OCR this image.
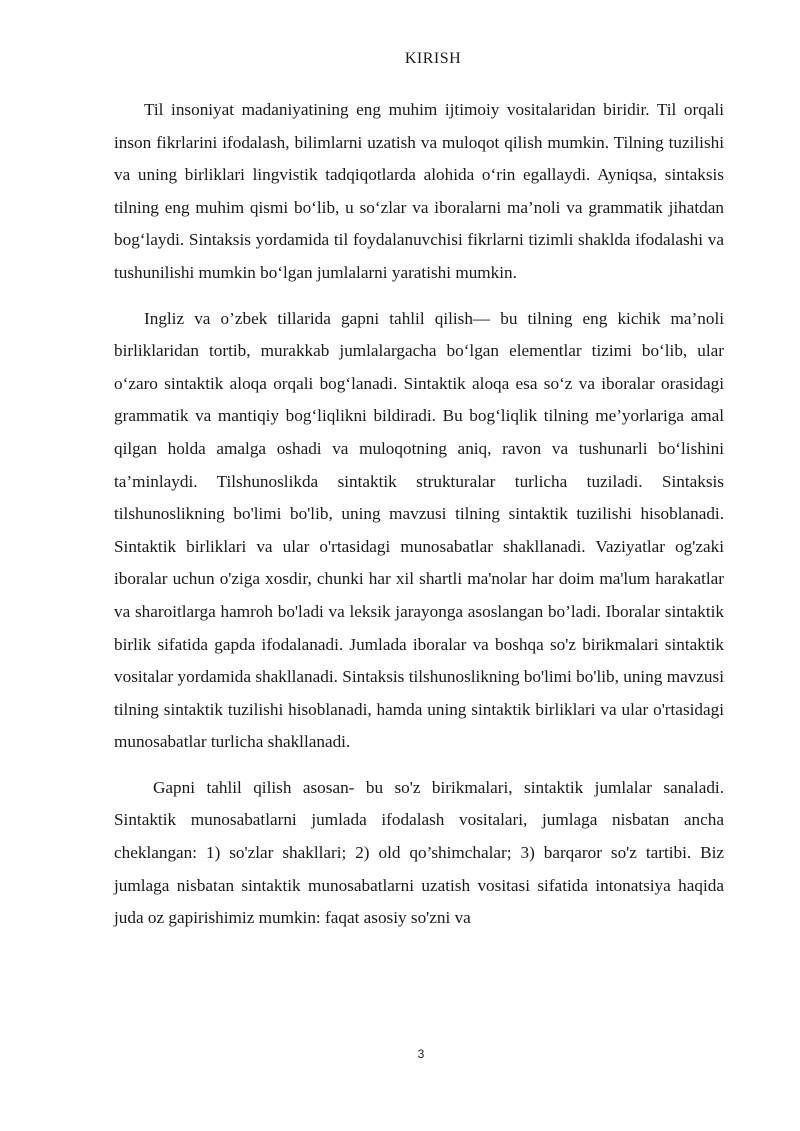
KIRISH

Til insoniyat madaniyatining eng muhim ijtimoiy vositalaridan biridir. Til orqali inson fikrlarini ifodalash, bilimlarni uzatish va muloqot qilish mumkin. Tilning tuzilishi va uning birliklari lingvistik tadqiqotlarda alohida o‘rin egallaydi. Ayniqsa, sintaksis tilning eng muhim qismi bo‘lib, u so‘zlar va iboralarni ma’noli va grammatik jihatdan bog‘laydi. Sintaksis yordamida til foydalanuvchisi fikrlarni tizimli shaklda ifodalashi va tushunilishi mumkin bo‘lgan jumlalarni yaratishi mumkin.

Ingliz va o’zbek tillarida gapni tahlil qilish— bu tilning eng kichik ma’noli birliklaridan tortib, murakkab jumlalargacha bo‘lgan elementlar tizimi bo‘lib, ular o‘zaro sintaktik aloqa orqali bog‘lanadi. Sintaktik aloqa esa so‘z va iboralar orasidagi grammatik va mantiqiy bog‘liqlikni bildiradi. Bu bog‘liqlik tilning me’yorlariga amal qilgan holda amalga oshadi va muloqotning aniq, ravon va tushunarli bo‘lishini ta’minlaydi. Tilshunoslikda sintaktik strukturalar turlicha tuziladi. Sintaksis tilshunoslikning bo'limi bo'lib, uning mavzusi tilning sintaktik tuzilishi hisoblanadi. Sintaktik birliklari va ular o'rtasidagi munosabatlar shakllanadi. Vaziyatlar og'zaki iboralar uchun o'ziga xosdir, chunki har xil shartli ma'nolar har doim ma'lum harakatlar va sharoitlarga hamroh bo'ladi va leksik jarayonga asoslangan bo’ladi. Iboralar sintaktik birlik sifatida gapda ifodalanadi. Jumlada iboralar va boshqa so'z birikmalari sintaktik vositalar yordamida shakllanadi. Sintaksis tilshunoslikning bo'limi bo'lib, uning mavzusi tilning sintaktik tuzilishi hisoblanadi, hamda uning sintaktik birliklari va ular o'rtasidagi munosabatlar turlicha shakllanadi.

Gapni tahlil qilish asosan- bu so'z birikmalari, sintaktik jumlalar sanaladi. Sintaktik munosabatlarni jumlada ifodalash vositalari, jumlaga nisbatan ancha cheklangan: 1) so'zlar shakllari; 2) old qo’shimchalar; 3) barqaror so'z tartibi. Biz jumlaga nisbatan sintaktik munosabatlarni uzatish vositasi sifatida intonatsiya haqida juda oz gapirishimiz mumkin: faqat asosiy so'zni va

3
